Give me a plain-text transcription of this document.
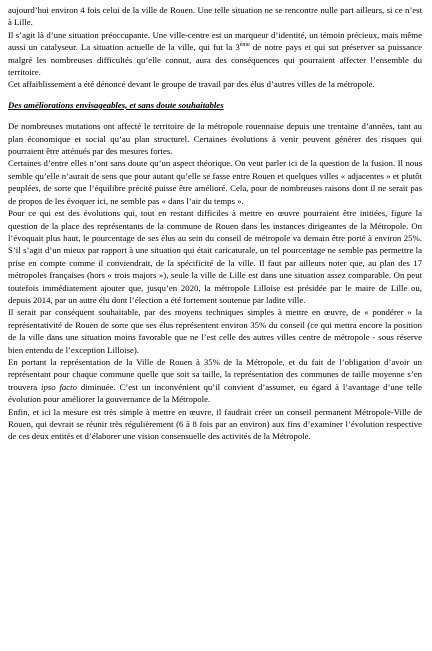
aujourd’hui environ 4 fois celui de la ville de Rouen. Une telle situation ne se rencontre nulle part ailleurs, si ce n’est à Lille.

Il s’agit là d’une situation préoccupante. Une ville-centre est un marqueur d’identité, un témoin précieux, mais même aussi un catalyseur. La situation actuelle de la ville, qui fut la 3ème de notre pays et qui sut préserver sa puissance malgré les nombreuses difficultés qu’elle connut, aura des conséquences qui pourraient affecter l’ensemble du territoire.

Cet affaiblissement a été dénoncé devant le groupe de travail par des élus d’autres villes de la métropole.

Des améliorations envisageables, et sans doute souhaitables

De nombreuses mutations ont affecté le territoire de la métropole rouennaise depuis une trentaine d’années, tant au plan économique et social qu’au plan structurel. Certaines évolutions à venir peuvent générer des risques qui pourraient être atténués par des mesures fortes.

Certaines d’entre elles n’ont sans doute qu’un aspect théorique. On veut parler ici de la question de la fusion. Il nous semble qu’elle n’aurait de sens que pour autant qu’elle se fasse entre Rouen et quelques villes « adjacentes » et plutôt peuplées, de sorte que l’équilibre précité puisse être amélioré. Cela, pour de nombreuses raisons dont il ne serait pas de propos de les évoquer ici, ne semble pas « dans l’air du temps ».

Pour ce qui est des évolutions qui, tout en restant difficiles à mettre en œuvre pourraient être initiées, figure la question de la place des représentants de la commune de Rouen dans les instances dirigeantes de la Métropole. On l’évoquait plus haut, le pourcentage de ses élus au sein du conseil de métropole va demain être porté à environ 25%. S’il s’agit d’un mieux par rapport à une situation qui était caricaturale, un tel pourcentage ne semble pas permettre la prise en compte comme il conviendrait, de la spécificité de la ville. Il faut par ailleurs noter que, au plan des 17 métropoles françaises (hors « trois majors »), seule la ville de Lille est dans une situation assez comparable. On peut toutefois immédiatement ajouter que, jusqu’en 2020, la métropole Lilloise est présidée par le maire de Lille ou, depuis 2014, par un autre élu dont l’élection a été fortement soutenue par ladite ville.

Il serait par conséquent souhaitable, par des moyens techniques simples à mettre en œuvre, de « pondérer » la représentativité de Rouen de sorte que ses élus représentent environ 35% du conseil (ce qui mettra encore la position de la ville dans une situation moins favorable que ne l’est celle des autres villes centre de métropole - sous réserve bien entendu de l’exception Lilloise).

En portant la représentation de la Ville de Rouen à 35% de la Métropole, et du fait de l’obligation d’avoir un représentant pour chaque commune quelle que soit sa taille, la représentation des communes de taille moyenne s’en trouvera ipso facto diminuée. C’est un inconvénient qu’il convient d’assumer, eu égard à l’avantage d’une telle évolution pour améliorer la gouvernance de la Métropole.

Enfin, et ici la mesure est très simple à mettre en œuvre, il faudrait créer un conseil permanent Métropole-Ville de Rouen, qui devrait se réunir très régulièrement (6 à 8 fois par an environ) aux fins d’examiner l’évolution respective de ces deux entités et d’élaborer une vision consensuelle des activités de la Métropole.
